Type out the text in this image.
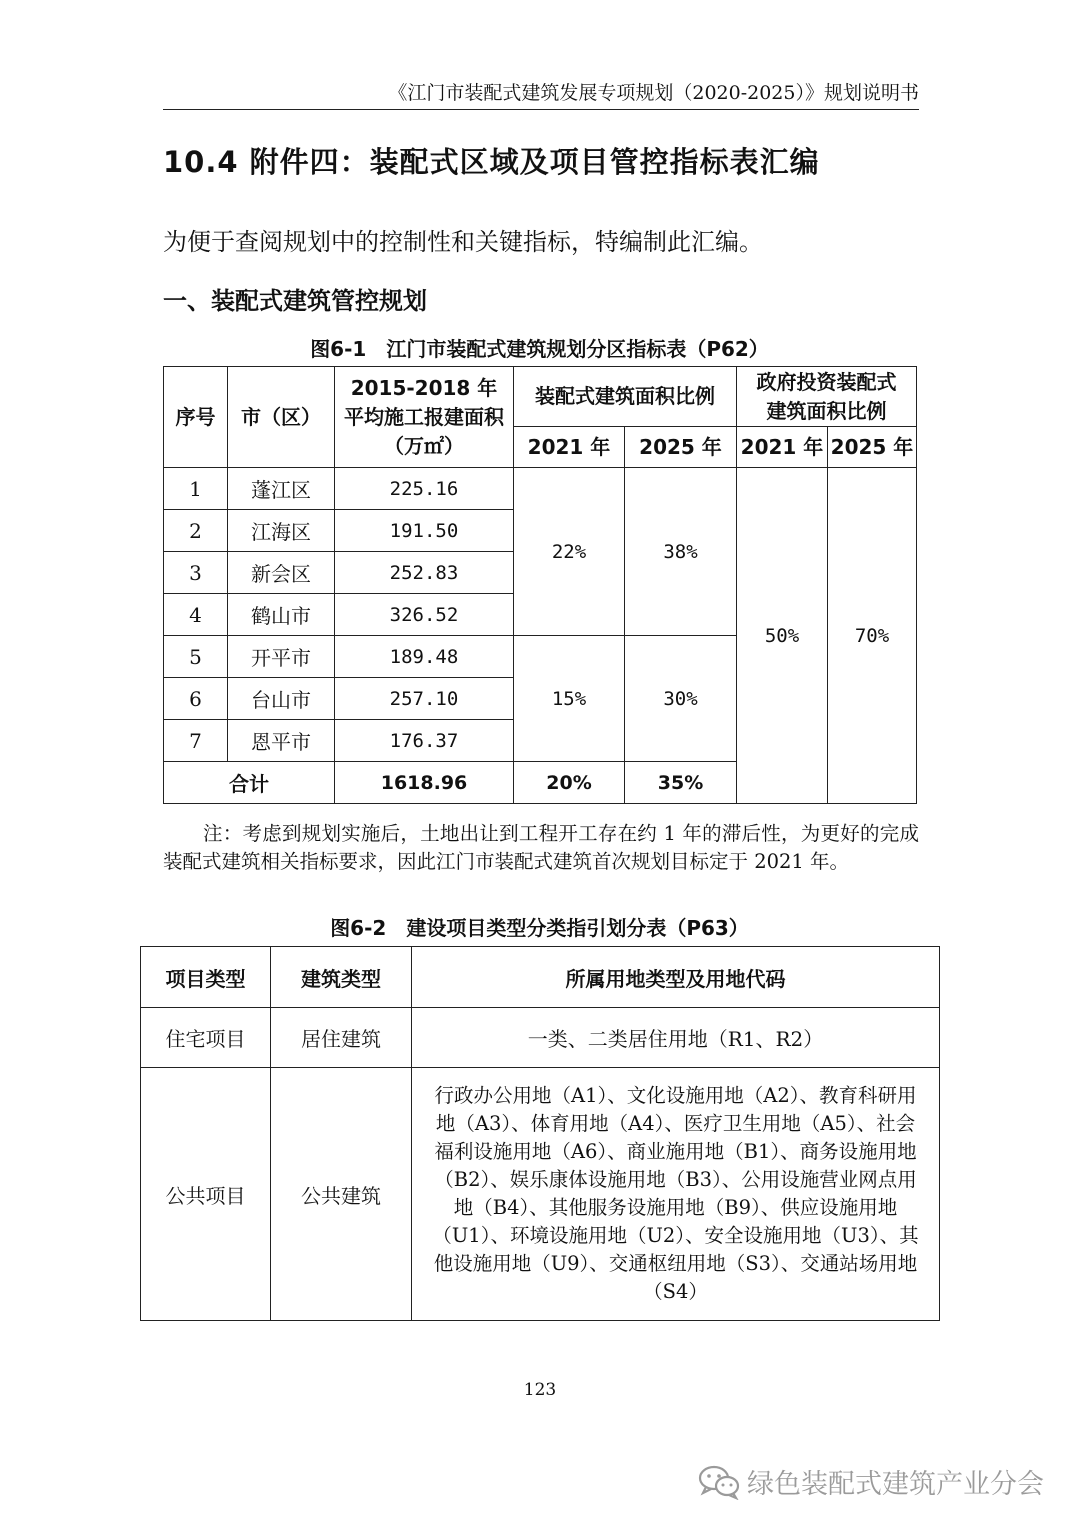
《江门市装配式建筑发展专项规划（2020-2025）》规划说明书
10.4 附件四：装配式区域及项目管控指标表汇编
为便于查阅规划中的控制性和关键指标，特编制此汇编。
一、装配式建筑管控规划
图6-1　江门市装配式建筑规划分区指标表（P62）
序号	市（区）	2015-2018 年平均施工报建面积（万㎡）	装配式建筑面积比例		政府投资装配式建筑面积比例	
			2021 年	2025 年	2021 年	2025 年
1	蓬江区	225.16	22%	38%	50%	70%
2	江海区	191.50				
3	新会区	252.83				
4	鹤山市	326.52				
5	开平市	189.48	15%	30%		
6	台山市	257.10				
7	恩平市	176.37				
合计		1618.96	20%	35%		
注：考虑到规划实施后，土地出让到工程开工存在约 1 年的滞后性，为更好的完成装配式建筑相关指标要求，因此江门市装配式建筑首次规划目标定于 2021 年。
图6-2　建设项目类型分类指引划分表（P63）
项目类型	建筑类型	所属用地类型及用地代码
住宅项目	居住建筑	一类、二类居住用地（R1、R2）
公共项目	公共建筑	行政办公用地（A1）、文化设施用地（A2）、教育科研用地（A3）、体育用地（A4）、医疗卫生用地（A5）、社会福利设施用地（A6）、商业施用地（B1）、商务设施用地（B2）、娱乐康体设施用地（B3）、公用设施营业网点用地（B4）、其他服务设施用地（B9）、供应设施用地（U1）、环境设施用地（U2）、安全设施用地（U3）、其他设施用地（U9）、交通枢纽用地（S3）、交通站场用地（S4）
123
绿色装配式建筑产业分会
